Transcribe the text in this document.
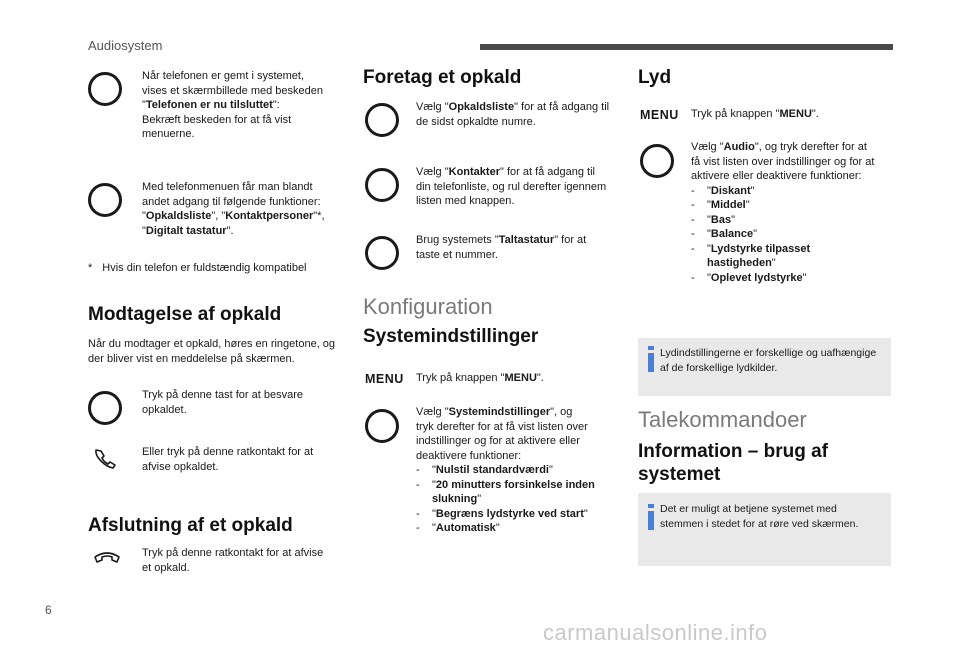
Audiosystem
Når telefonen er gemt i systemet,
vises et skærmbillede med beskeden
"Telefonen er nu tilsluttet":
Bekræft beskeden for at få vist
menuerne.
Med telefonmenuen får man blandt
andet adgang til følgende funktioner:
"Opkaldsliste", "Kontaktpersoner"*,
"Digitalt tastatur".
* Hvis din telefon er fuldstændig kompatibel
Modtagelse af opkald
Når du modtager et opkald, høres en ringetone, og
der bliver vist en meddelelse på skærmen.
Tryk på denne tast for at besvare
opkaldet.
Eller tryk på denne ratkontakt for at
afvise opkaldet.
Afslutning af et opkald
Tryk på denne ratkontakt for at afvise
et opkald.
Foretag et opkald
Vælg "Opkaldsliste" for at få adgang til
de sidst opkaldte numre.
Vælg "Kontakter" for at få adgang til
din telefonliste, og rul derefter igennem
listen med knappen.
Brug systemets "Taltastatur" for at
taste et nummer.
Konfiguration
Systemindstillinger
MENU Tryk på knappen "MENU".
Vælg "Systemindstillinger", og
tryk derefter for at få vist listen over
indstillinger og for at aktivere eller
deaktivere funktioner:
-	"Nulstil standardværdi"
-	"20 minutters forsinkelse inden
slukning"
-	"Begræns lydstyrke ved start"
-	"Automatisk"
Lyd
MENU Tryk på knappen "MENU".
Vælg "Audio", og tryk derefter for at
få vist listen over indstillinger og for at
aktivere eller deaktivere funktioner:
-	"Diskant"
-	"Middel"
-	"Bas"
-	"Balance"
-	"Lydstyrke tilpasset
hastigheden"
-	"Oplevet lydstyrke"
Lydindstillingerne er forskellige og uafhængige
af de forskellige lydkilder.
Talekommandoer
Information – brug af
systemet
Det er muligt at betjene systemet med
stemmen i stedet for at røre ved skærmen.
6
carmanualsonline.info
